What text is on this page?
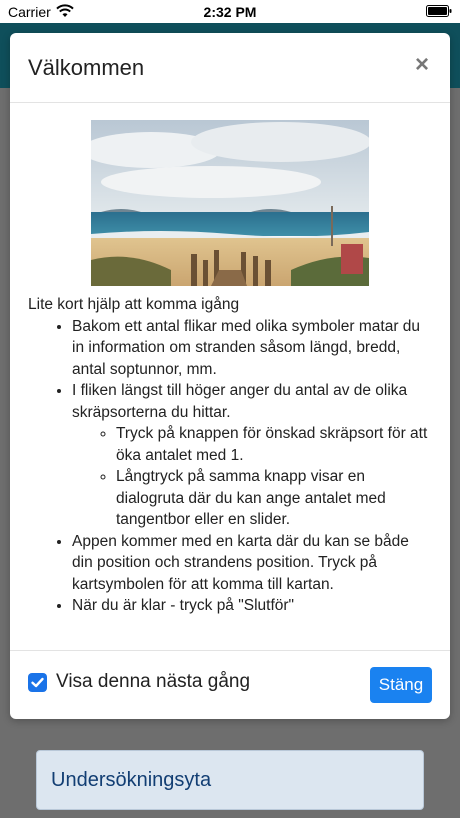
Carrier	2:32 PM
Undersökningsyta
Välkommen	×

Lite kort hjälp att komma igång

• Bakom ett antal flikar med olika symboler matar du in information om stranden såsom längd, bredd, antal soptunnor, mm.
• I fliken längst till höger anger du antal av de olika skräpsorterna du hittar.
◦ Tryck på knappen för önskad skräpsort för att öka antalet med 1.
◦ Långtryck på samma knapp visar en dialogruta där du kan ange antalet med tangentbor eller en slider.
• Appen kommer med en karta där du kan se både din position och strandens position. Tryck på kartsymbolen för att komma till kartan.
• När du är klar - tryck på "Slutför"
Visa denna nästa gång	Stäng
